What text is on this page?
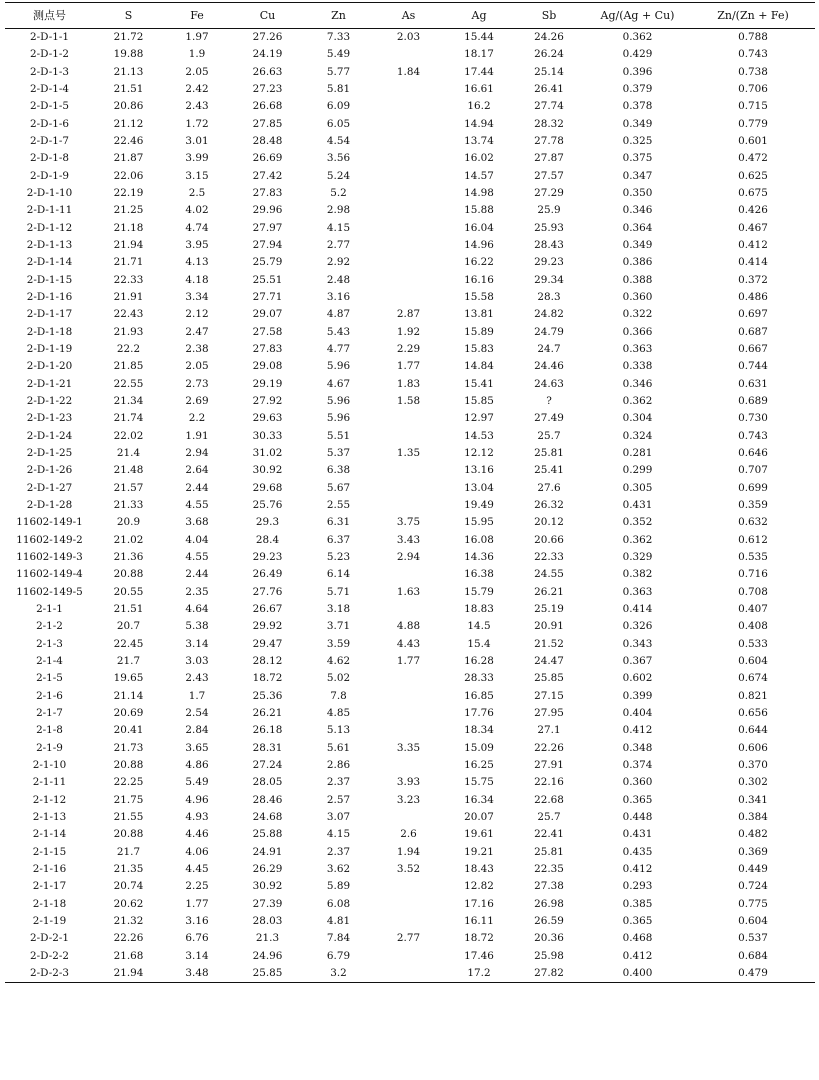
测点号	S	Fe	Cu	Zn	As	Ag	Sb	Ag/(Ag + Cu)	Zn/(Zn + Fe)
2-D-1-1	21.72	1.97	27.26	7.33	2.03	15.44	24.26	0.362	0.788
2-D-1-2	19.88	1.9	24.19	5.49		18.17	26.24	0.429	0.743
2-D-1-3	21.13	2.05	26.63	5.77	1.84	17.44	25.14	0.396	0.738
2-D-1-4	21.51	2.42	27.23	5.81		16.61	26.41	0.379	0.706
2-D-1-5	20.86	2.43	26.68	6.09		16.2	27.74	0.378	0.715
2-D-1-6	21.12	1.72	27.85	6.05		14.94	28.32	0.349	0.779
2-D-1-7	22.46	3.01	28.48	4.54		13.74	27.78	0.325	0.601
2-D-1-8	21.87	3.99	26.69	3.56		16.02	27.87	0.375	0.472
2-D-1-9	22.06	3.15	27.42	5.24		14.57	27.57	0.347	0.625
2-D-1-10	22.19	2.5	27.83	5.2		14.98	27.29	0.350	0.675
2-D-1-11	21.25	4.02	29.96	2.98		15.88	25.9	0.346	0.426
2-D-1-12	21.18	4.74	27.97	4.15		16.04	25.93	0.364	0.467
2-D-1-13	21.94	3.95	27.94	2.77		14.96	28.43	0.349	0.412
2-D-1-14	21.71	4.13	25.79	2.92		16.22	29.23	0.386	0.414
2-D-1-15	22.33	4.18	25.51	2.48		16.16	29.34	0.388	0.372
2-D-1-16	21.91	3.34	27.71	3.16		15.58	28.3	0.360	0.486
2-D-1-17	22.43	2.12	29.07	4.87	2.87	13.81	24.82	0.322	0.697
2-D-1-18	21.93	2.47	27.58	5.43	1.92	15.89	24.79	0.366	0.687
2-D-1-19	22.2	2.38	27.83	4.77	2.29	15.83	24.7	0.363	0.667
2-D-1-20	21.85	2.05	29.08	5.96	1.77	14.84	24.46	0.338	0.744
2-D-1-21	22.55	2.73	29.19	4.67	1.83	15.41	24.63	0.346	0.631
2-D-1-22	21.34	2.69	27.92	5.96	1.58	15.85	?	0.362	0.689
2-D-1-23	21.74	2.2	29.63	5.96		12.97	27.49	0.304	0.730
2-D-1-24	22.02	1.91	30.33	5.51		14.53	25.7	0.324	0.743
2-D-1-25	21.4	2.94	31.02	5.37	1.35	12.12	25.81	0.281	0.646
2-D-1-26	21.48	2.64	30.92	6.38		13.16	25.41	0.299	0.707
2-D-1-27	21.57	2.44	29.68	5.67		13.04	27.6	0.305	0.699
2-D-1-28	21.33	4.55	25.76	2.55		19.49	26.32	0.431	0.359
11602-149-1	20.9	3.68	29.3	6.31	3.75	15.95	20.12	0.352	0.632
11602-149-2	21.02	4.04	28.4	6.37	3.43	16.08	20.66	0.362	0.612
11602-149-3	21.36	4.55	29.23	5.23	2.94	14.36	22.33	0.329	0.535
11602-149-4	20.88	2.44	26.49	6.14		16.38	24.55	0.382	0.716
11602-149-5	20.55	2.35	27.76	5.71	1.63	15.79	26.21	0.363	0.708
2-1-1	21.51	4.64	26.67	3.18		18.83	25.19	0.414	0.407
2-1-2	20.7	5.38	29.92	3.71	4.88	14.5	20.91	0.326	0.408
2-1-3	22.45	3.14	29.47	3.59	4.43	15.4	21.52	0.343	0.533
2-1-4	21.7	3.03	28.12	4.62	1.77	16.28	24.47	0.367	0.604
2-1-5	19.65	2.43	18.72	5.02		28.33	25.85	0.602	0.674
2-1-6	21.14	1.7	25.36	7.8		16.85	27.15	0.399	0.821
2-1-7	20.69	2.54	26.21	4.85		17.76	27.95	0.404	0.656
2-1-8	20.41	2.84	26.18	5.13		18.34	27.1	0.412	0.644
2-1-9	21.73	3.65	28.31	5.61	3.35	15.09	22.26	0.348	0.606
2-1-10	20.88	4.86	27.24	2.86		16.25	27.91	0.374	0.370
2-1-11	22.25	5.49	28.05	2.37	3.93	15.75	22.16	0.360	0.302
2-1-12	21.75	4.96	28.46	2.57	3.23	16.34	22.68	0.365	0.341
2-1-13	21.55	4.93	24.68	3.07		20.07	25.7	0.448	0.384
2-1-14	20.88	4.46	25.88	4.15	2.6	19.61	22.41	0.431	0.482
2-1-15	21.7	4.06	24.91	2.37	1.94	19.21	25.81	0.435	0.369
2-1-16	21.35	4.45	26.29	3.62	3.52	18.43	22.35	0.412	0.449
2-1-17	20.74	2.25	30.92	5.89		12.82	27.38	0.293	0.724
2-1-18	20.62	1.77	27.39	6.08		17.16	26.98	0.385	0.775
2-1-19	21.32	3.16	28.03	4.81		16.11	26.59	0.365	0.604
2-D-2-1	22.26	6.76	21.3	7.84	2.77	18.72	20.36	0.468	0.537
2-D-2-2	21.68	3.14	24.96	6.79		17.46	25.98	0.412	0.684
2-D-2-3	21.94	3.48	25.85	3.2		17.2	27.82	0.400	0.479
